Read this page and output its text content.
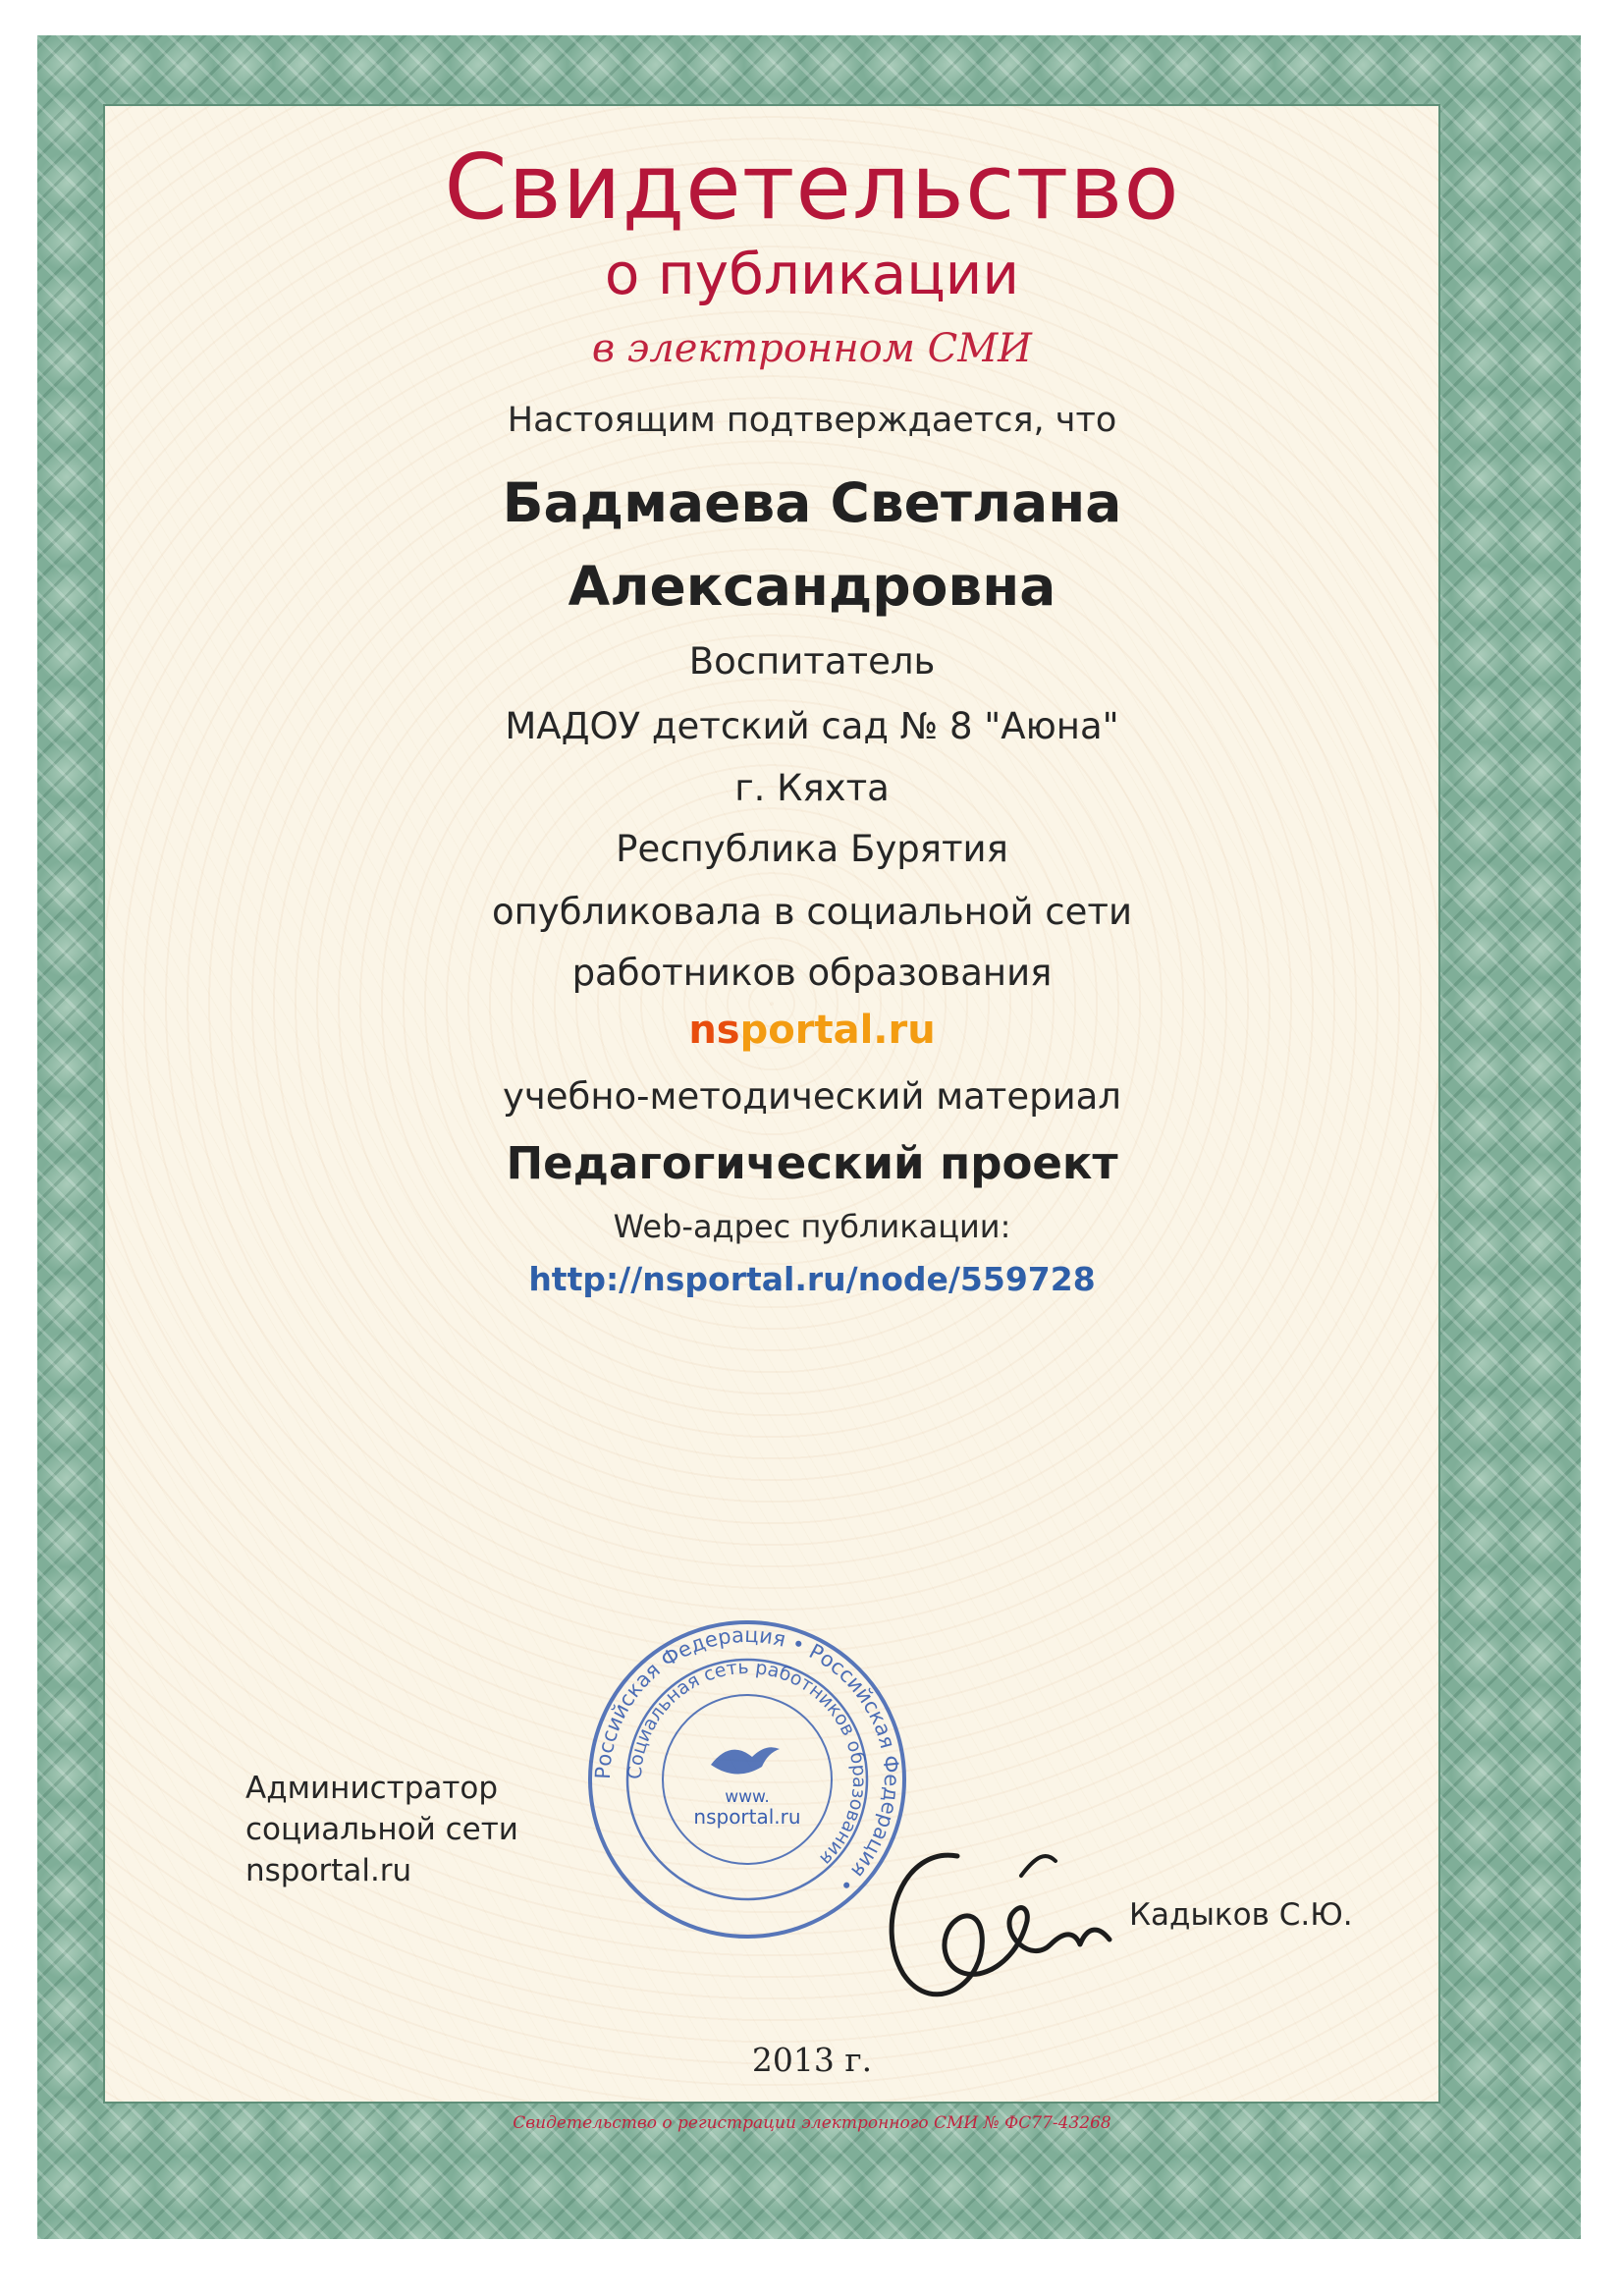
Свидетельство
о публикации
в электронном СМИ
Настоящим подтверждается, что
Бадмаева Светлана
Александровна
Воспитатель
МАДОУ детский сад № 8 "Аюна"
г. Кяхта
Республика Бурятия
опубликовала в социальной сети
работников образования
nsportal.ru
учебно-методический материал
Педагогический проект
Web-адрес публикации:
http://nsportal.ru/node/559728
Администратор
социальной сети
nsportal.ru
Российская Федерация • Российская Федерация •
Социальная сеть работников образования
www.
nsportal.ru
Кадыков С.Ю.
2013 г.
Свидетельство о регистрации электронного СМИ № ФС77-43268
